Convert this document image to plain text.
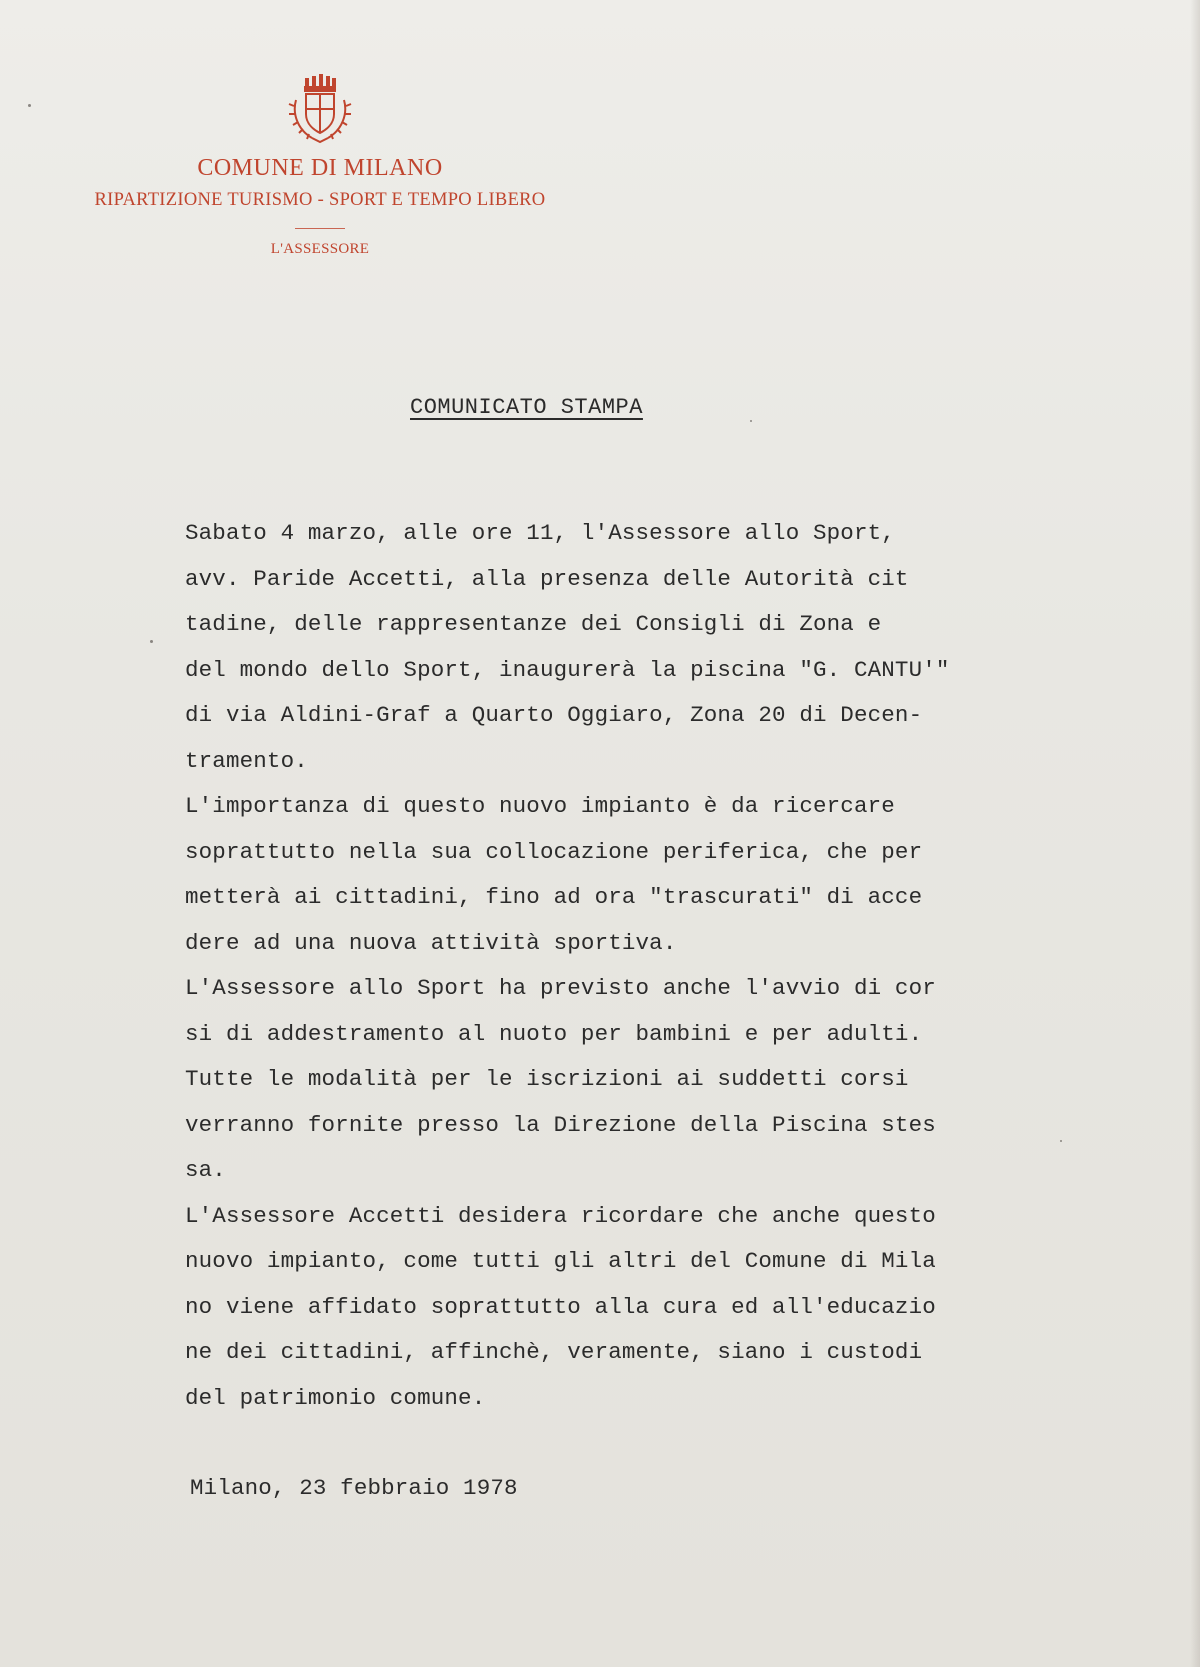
COMUNE DI MILANO
RIPARTIZIONE TURISMO - SPORT E TEMPO LIBERO
L'ASSESSORE
COMUNICATO STAMPA
Sabato 4 marzo, alle ore 11, l'Assessore allo Sport,
avv. Paride Accetti, alla presenza delle Autorità cit
tadine, delle rappresentanze dei Consigli di Zona e
del mondo dello Sport, inaugurerà la piscina "G. CANTU'"
di via Aldini-Graf a Quarto Oggiaro, Zona 20 di Decen-
tramento.
L'importanza di questo nuovo impianto è da ricercare
soprattutto nella sua collocazione periferica, che per
metterà ai cittadini, fino ad ora "trascurati" di acce
dere ad una nuova attività sportiva.
L'Assessore allo Sport ha previsto anche l'avvio di cor
si di addestramento al nuoto per bambini e per adulti.
Tutte le modalità per le iscrizioni ai suddetti corsi
verranno fornite presso la Direzione della Piscina stes
sa.
L'Assessore Accetti desidera ricordare che anche questo
nuovo impianto, come tutti gli altri del Comune di Mila
no viene affidato soprattutto alla cura ed all'educazio
ne dei cittadini, affinchè, veramente, siano i custodi
del patrimonio comune.
Milano, 23 febbraio 1978
